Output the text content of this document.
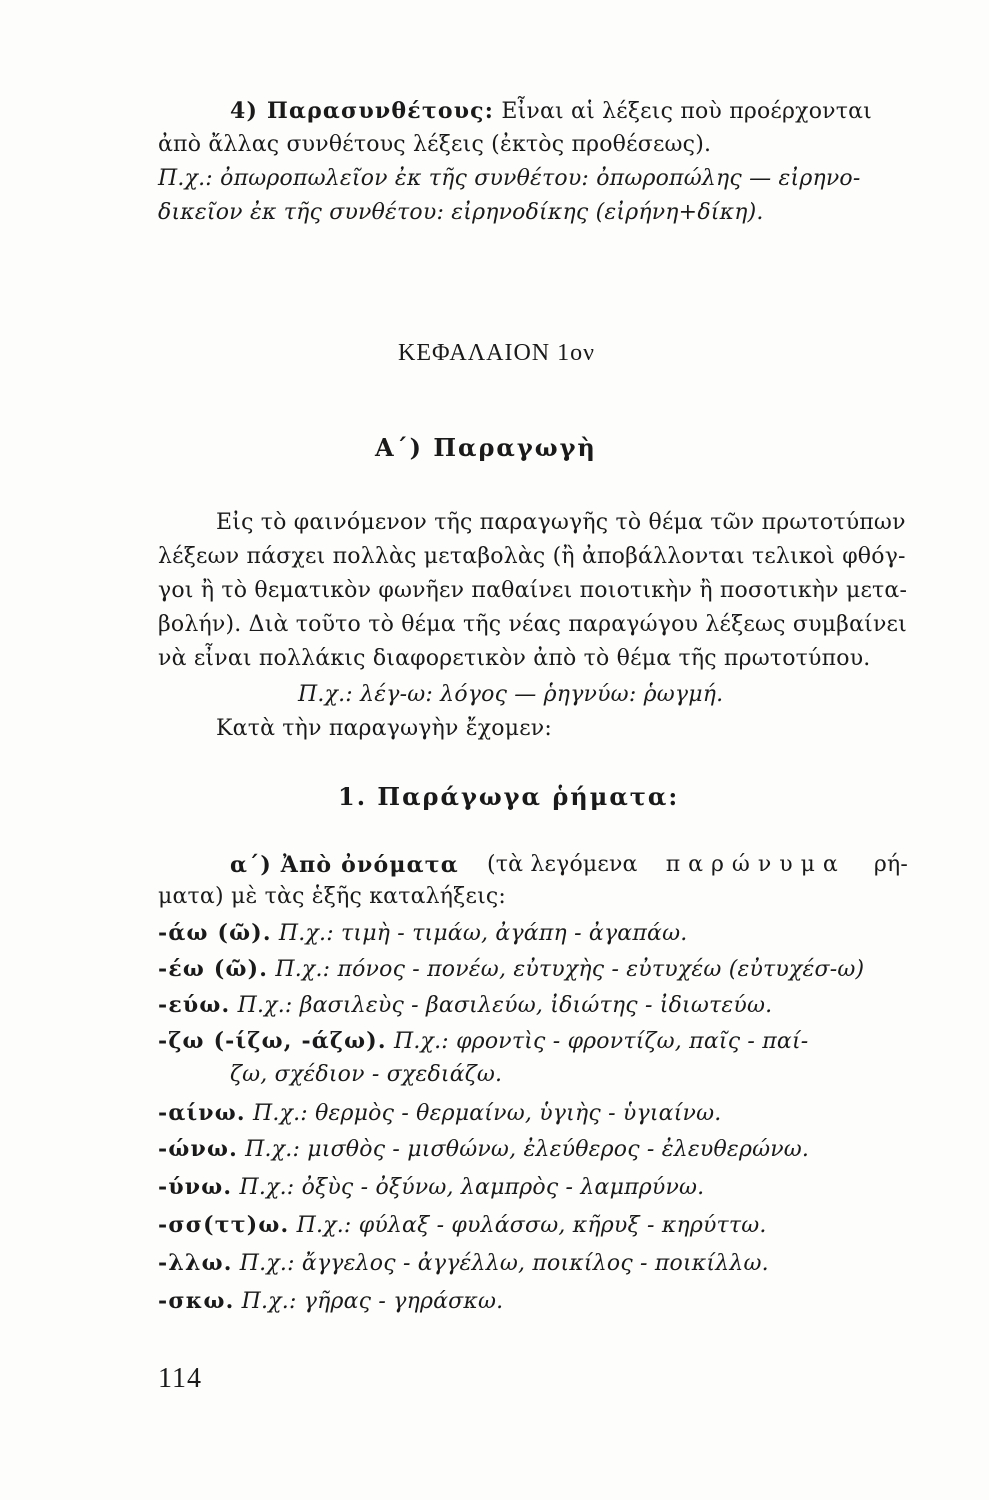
4) Παρασυνθέτους: Εἶναι αἱ λέξεις ποὺ προέρχονται
ἀπὸ ἄλλας συνθέτους λέξεις (ἐκτὸς προθέσεως).
Π.χ.: ὀπωροπωλεῖον ἐκ τῆς συνθέτου: ὀπωροπώλης — εἰρηνο-
δικεῖον ἐκ τῆς συνθέτου: εἰρηνοδίκης (εἰρήνη+δίκη).
ΚΕΦΑΛΑΙΟΝ 1ον
Α΄) Παραγωγὴ
Εἰς τὸ φαινόμενον τῆς παραγωγῆς τὸ θέμα τῶν πρωτοτύπων
λέξεων πάσχει πολλὰς μεταβολὰς (ἢ ἀποβάλλονται τελικοὶ φθόγ-
γοι ἢ τὸ θεματικὸν φωνῆεν παθαίνει ποιοτικὴν ἢ ποσοτικὴν μετα-
βολήν). Διὰ τοῦτο τὸ θέμα τῆς νέας παραγώγου λέξεως συμβαίνει
νὰ εἶναι πολλάκις διαφορετικὸν ἀπὸ τὸ θέμα τῆς πρωτοτύπου.
Π.χ.: λέγ-ω: λόγος — ῥηγνύω: ῥωγμή.
Κατὰ τὴν παραγωγὴν ἔχομεν:
1. Παράγωγα ῥήματα:
α΄) Ἀπὸ ὀνόματα (τὰ λεγόμενα παρώνυμα ρή-
ματα) μὲ τὰς ἑξῆς καταλήξεις:
-άω (ῶ). Π.χ.: τιμὴ - τιμάω, ἀγάπη - ἀγαπάω.
-έω (ῶ). Π.χ.: πόνος - πονέω, εὐτυχὴς - εὐτυχέω (εὐτυχέσ-ω)
-εύω. Π.χ.: βασιλεὺς - βασιλεύω, ἰδιώτης - ἰδιωτεύω.
-ζω (-ίζω, -άζω). Π.χ.: φροντὶς - φροντίζω, παῖς - παί-
ζω, σχέδιον - σχεδιάζω.
-αίνω. Π.χ.: θερμὸς - θερμαίνω, ὑγιὴς - ὑγιαίνω.
-ώνω. Π.χ.: μισθὸς - μισθώνω, ἐλεύθερος - ἐλευθερώνω.
-ύνω. Π.χ.: ὀξὺς - ὀξύνω, λαμπρὸς - λαμπρύνω.
-σσ(ττ)ω. Π.χ.: φύλαξ - φυλάσσω, κῆρυξ - κηρύττω.
-λλω. Π.χ.: ἄγγελος - ἀγγέλλω, ποικίλος - ποικίλλω.
-σκω. Π.χ.: γῆρας - γηράσκω.
114
